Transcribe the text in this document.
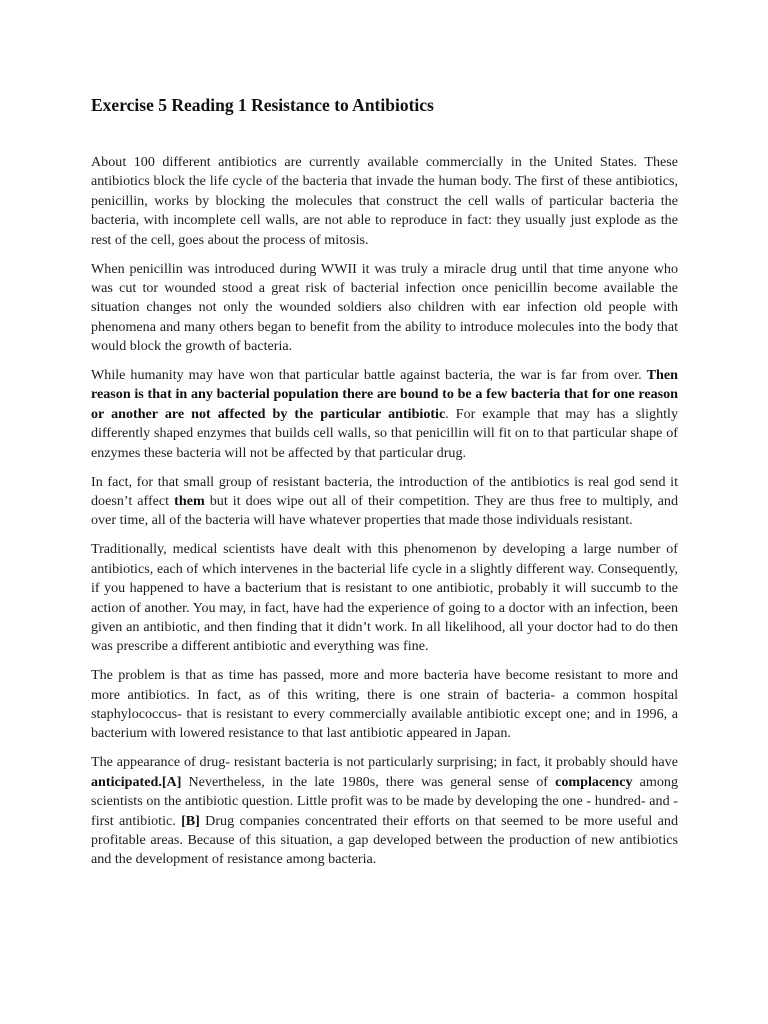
Exercise 5 Reading 1 Resistance to Antibiotics

About 100 different antibiotics are currently available commercially in the United States. These antibiotics block the life cycle of the bacteria that invade the human body. The first of these antibiotics, penicillin, works by blocking the molecules that construct the cell walls of particular bacteria the bacteria, with incomplete cell walls, are not able to reproduce in fact: they usually just explode as the rest of the cell, goes about the process of mitosis.

When penicillin was introduced during WWII it was truly a miracle drug until that time anyone who was cut tor wounded stood a great risk of bacterial infection once penicillin become available the situation changes not only the wounded soldiers also children with ear infection old people with phenomena and many others began to benefit from the ability to introduce molecules into the body that would block the growth of bacteria.

While humanity may have won that particular battle against bacteria, the war is far from over. Then reason is that in any bacterial population there are bound to be a few bacteria that for one reason or another are not affected by the particular antibiotic. For example that may has a slightly differently shaped enzymes that builds cell walls, so that penicillin will fit on to that particular shape of enzymes these bacteria will not be affected by that particular drug.

In fact, for that small group of resistant bacteria, the introduction of the antibiotics is real god send it doesn’t affect them but it does wipe out all of their competition. They are thus free to multiply, and over time, all of the bacteria will have whatever properties that made those individuals resistant.

Traditionally, medical scientists have dealt with this phenomenon by developing a large number of antibiotics, each of which intervenes in the bacterial life cycle in a slightly different way. Consequently, if you happened to have a bacterium that is resistant to one antibiotic, probably it will succumb to the action of another. You may, in fact, have had the experience of going to a doctor with an infection, been given an antibiotic, and then finding that it didn’t work. In all likelihood, all your doctor had to do then was prescribe a different antibiotic and everything was fine.

The problem is that as time has passed, more and more bacteria have become resistant to more and more antibiotics. In fact, as of this writing, there is one strain of bacteria- a common hospital staphylococcus- that is resistant to every commercially available antibiotic except one; and in 1996, a bacterium with lowered resistance to that last antibiotic appeared in Japan.

The appearance of drug- resistant bacteria is not particularly surprising; in fact, it probably should have anticipated.[A] Nevertheless, in the late 1980s, there was general sense of complacency among scientists on the antibiotic question. Little profit was to be made by developing the one - hundred- and -first antibiotic. [B] Drug companies concentrated their efforts on that seemed to be more useful and profitable areas. Because of this situation, a gap developed between the production of new antibiotics and the development of resistance among bacteria.
